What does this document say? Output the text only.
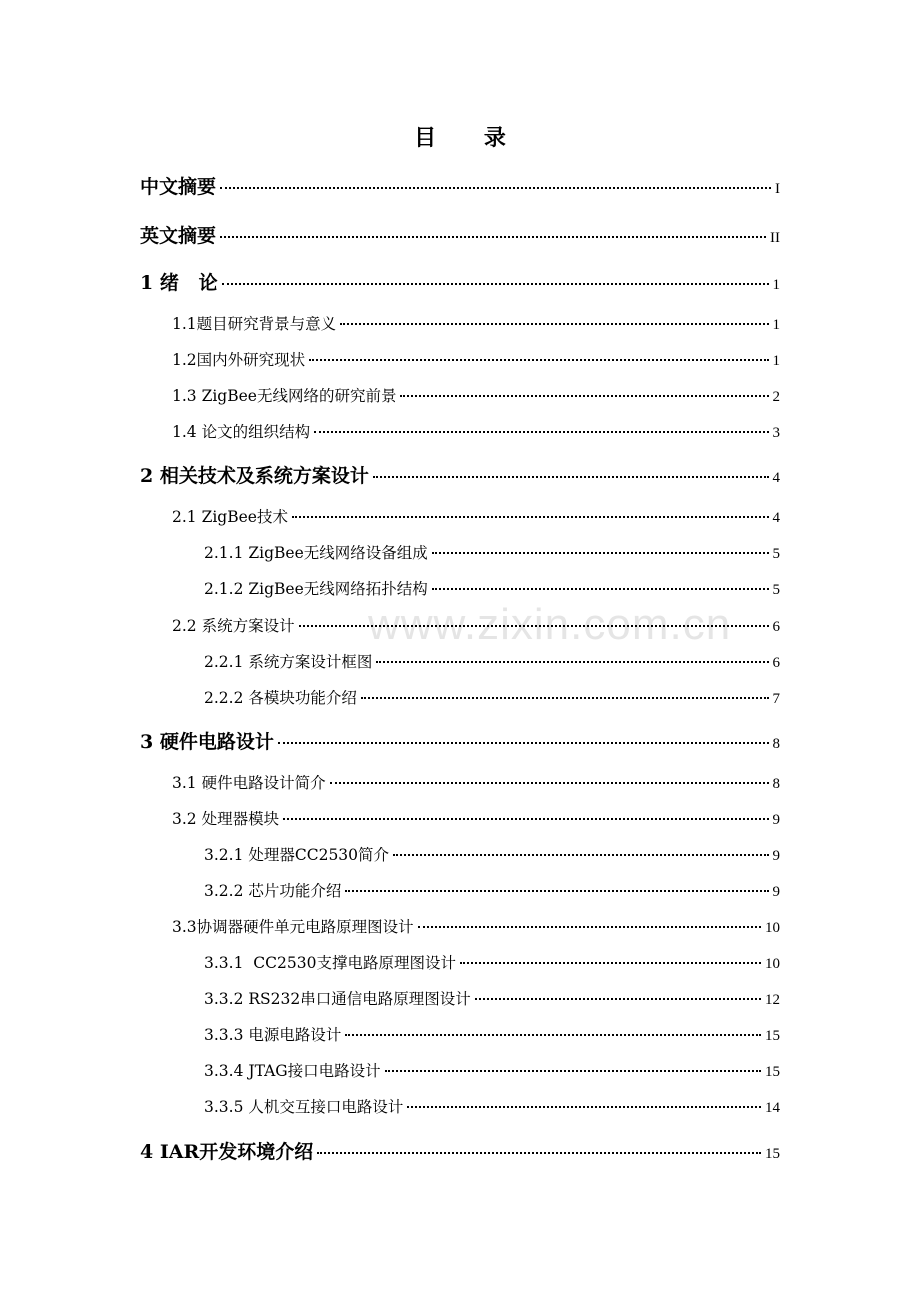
目 录
中文摘要	I
英文摘要	II
1 绪   论	1
1.1题目研究背景与意义	1
1.2国内外研究现状	1
1.3 ZigBee无线网络的研究前景	2
1.4 论文的组织结构	3
2 相关技术及系统方案设计	4
2.1 ZigBee技术	4
2.1.1 ZigBee无线网络设备组成	5
2.1.2 ZigBee无线网络拓扑结构	5
2.2 系统方案设计	6
2.2.1 系统方案设计框图	6
2.2.2 各模块功能介绍	7
3 硬件电路设计	8
3.1 硬件电路设计简介	8
3.2 处理器模块	9
3.2.1 处理器CC2530简介	9
3.2.2 芯片功能介绍	9
3.3协调器硬件单元电路原理图设计	10
3.3.1  CC2530支撑电路原理图设计	10
3.3.2 RS232串口通信电路原理图设计	12
3.3.3 电源电路设计	15
3.3.4 JTAG接口电路设计	15
3.3.5 人机交互接口电路设计	14
4 IAR开发环境介绍	15
www.zixin.com.cn
